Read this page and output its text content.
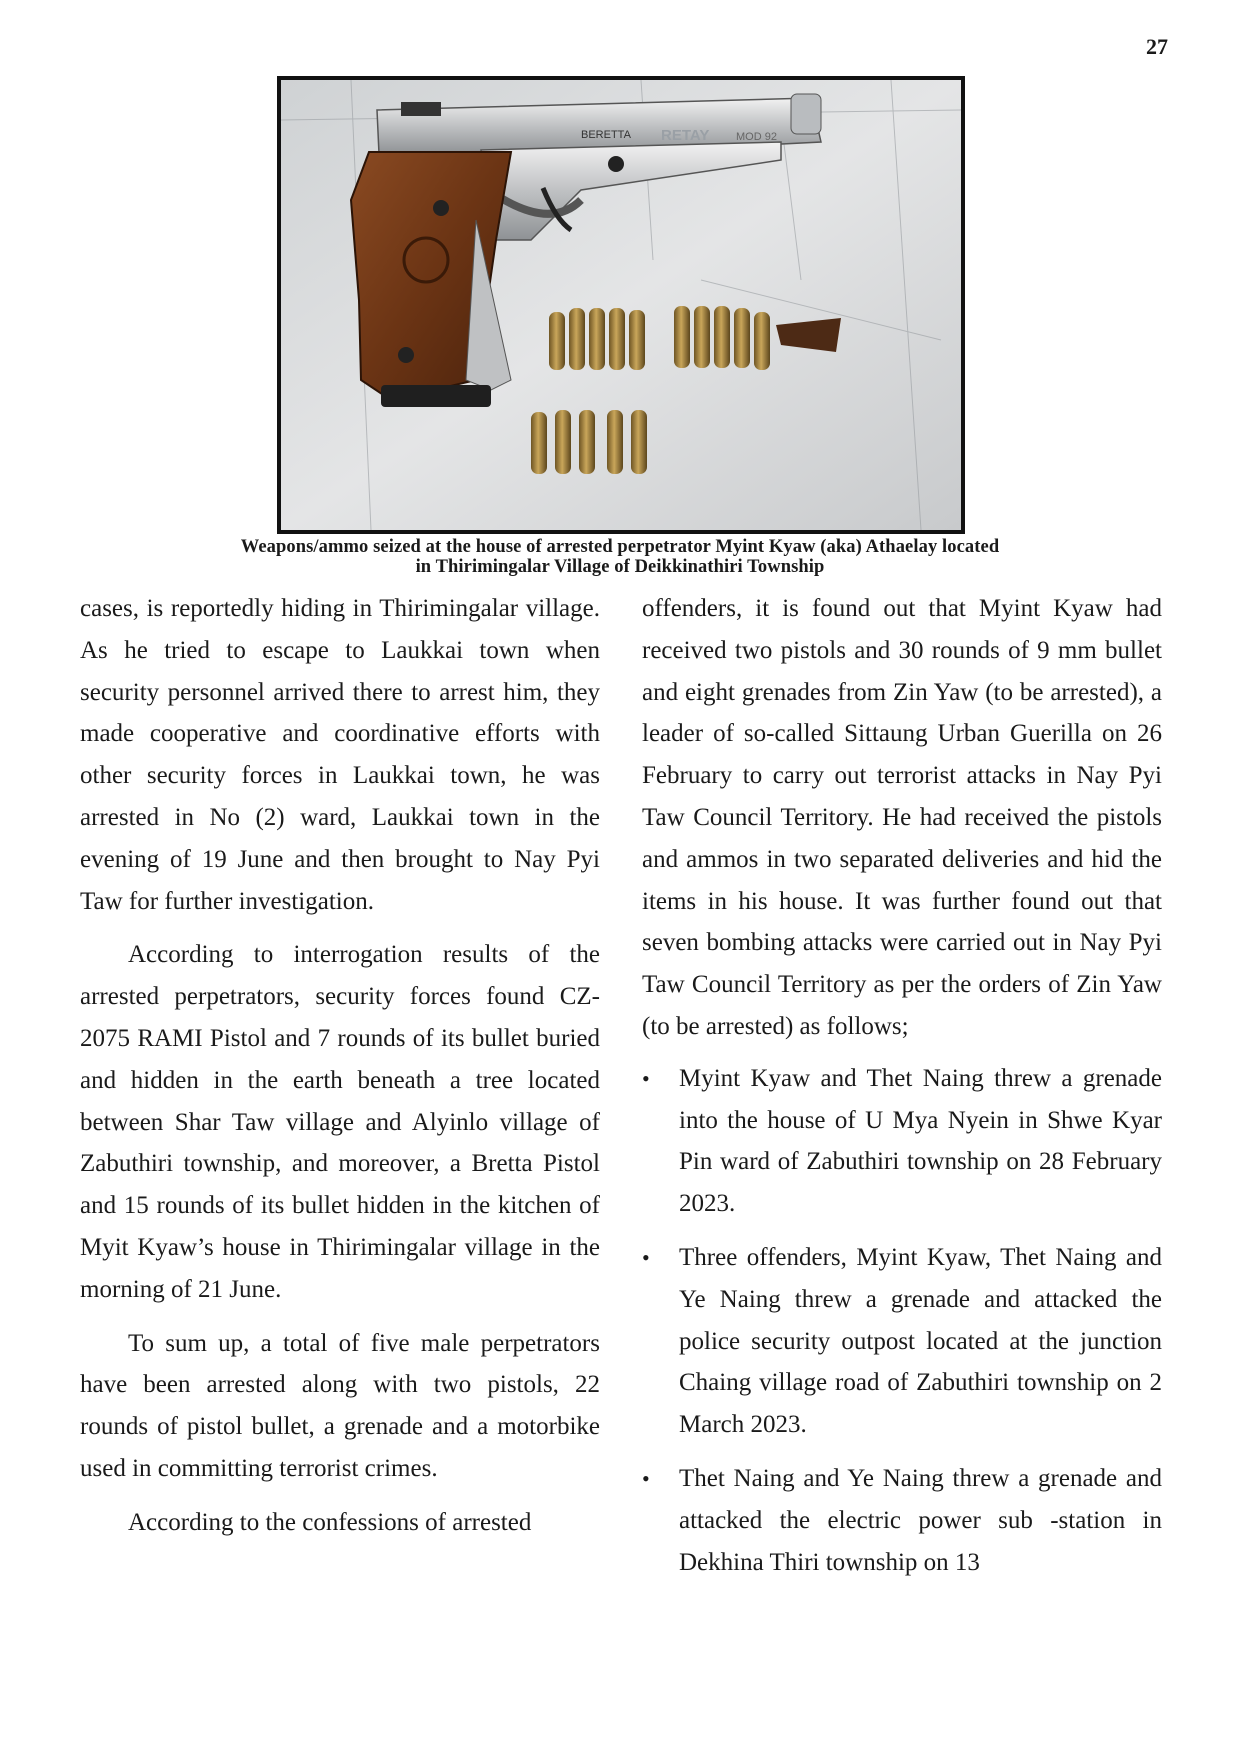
27
BERETTA RETAY MOD 92
Weapons/ammo seized at the house of arrested perpetrator Myint Kyaw (aka) Athaelay located
in Thirimingalar Village of Deikkinathiri Township

cases, is reportedly hiding in Thirimingalar village. As he tried to escape to Laukkai town when security personnel arrived there to arrest him, they made cooperative and coordinative efforts with other security forces in Laukkai town, he was arrested in No (2) ward, Laukkai town in the evening of 19 June and then brought to Nay Pyi Taw for further investigation.

According to interrogation results of the arrested perpetrators, security forces found CZ-2075 RAMI Pistol and 7 rounds of its bullet buried and hidden in the earth beneath a tree located between Shar Taw village and Alyinlo village of Zabuthiri township, and moreover, a Bretta Pistol and 15 rounds of its bullet hidden in the kitchen of Myit Kyaw’s house in Thirimingalar village in the morning of 21 June.

To sum up, a total of five male perpetrators have been arrested along with two pistols, 22 rounds of pistol bullet, a grenade and a motorbike used in committing terrorist crimes.

According to the confessions of arrested

offenders, it is found out that Myint Kyaw had received two pistols and 30 rounds of 9 mm bullet and eight grenades from Zin Yaw (to be arrested), a leader of so-called Sittaung Urban Guerilla on 26 February to carry out terrorist attacks in Nay Pyi Taw Council Territory. He had received the pistols and ammos in two separated deliveries and hid the items in his house. It was further found out that seven bombing attacks were carried out in Nay Pyi Taw Council Territory as per the orders of Zin Yaw (to be arrested) as follows;

•	Myint Kyaw and Thet Naing threw a grenade into the house of U Mya Nyein in Shwe Kyar Pin ward of Zabuthiri township on 28 February 2023.
•	Three offenders, Myint Kyaw, Thet Naing and Ye Naing threw a grenade and attacked the police security outpost located at the junction Chaing village road of Zabuthiri township on 2 March 2023.
•	Thet Naing and Ye Naing threw a grenade and attacked the electric power sub -station in Dekhina Thiri township on 13
